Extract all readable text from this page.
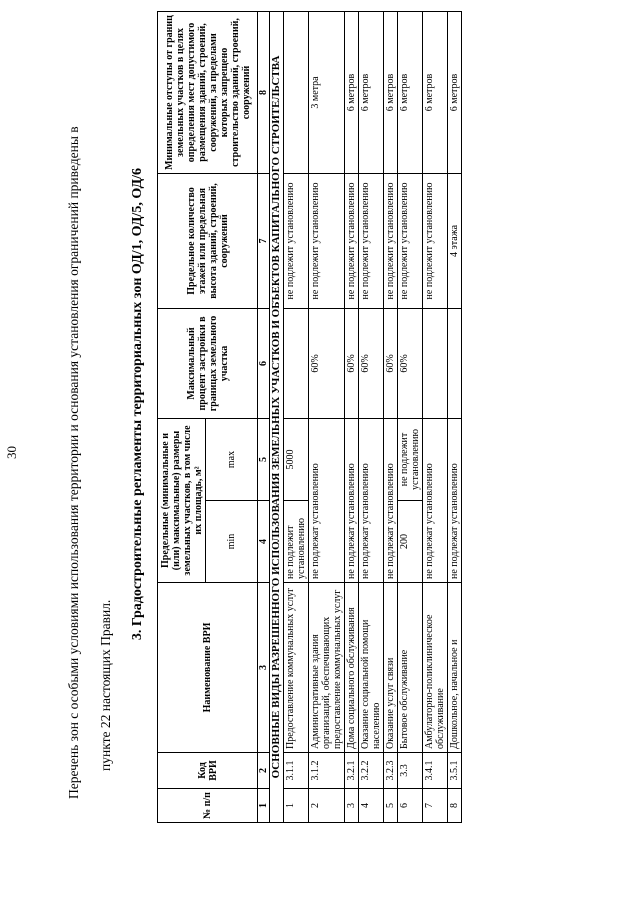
30	Перечень зон с особыми условиями использования территории и основания установления ограничений приведены в	пункте 22 настоящих Правил.
3. Градостроительные регламенты территориальных зон ОД/1, ОД/5, ОД/6
№ п/п	Код ВРИ	Наименование ВРИ	Предельные (минимальные и (или) максимальные) размеры земельных участков, в том числе их площадь, м²		Максимальный процент застройки в границах земельного участка	Предельное количество этажей или предельная высота зданий, строений, сооружений	Минимальные отступы от границ земельных участков в целях определения мест допустимого размещения зданий, строений, сооружений, за пределами которых запрещено строительство зданий, строений, сооружений
			min	max			
1	2	3	4	5	6	7	8
ОСНОВНЫЕ ВИДЫ РАЗРЕШЕННОГО ИСПОЛЬЗОВАНИЯ ЗЕМЕЛЬНЫХ УЧАСТКОВ И ОБЪЕКТОВ КАПИТАЛЬНОГО СТРОИТЕЛЬСТВА							
1	3.1.1	Предоставление коммунальных услуг	не подлежит установлению	5000		не подлежит установлению	
2	3.1.2	Административные здания организаций, обеспечивающих предоставление коммунальных услуг	не подлежат установлению		60%	не подлежит установлению	3 метра
3	3.2.1	Дома социального обслуживания	не подлежат установлению		60%	не подлежит установлению	6 метров
4	3.2.2	Оказание социальной помощи населению	не подлежат установлению		60%	не подлежит установлению	6 метров
5	3.2.3	Оказание услуг связи	не подлежат установлению		60%	не подлежит установлению	6 метров
6	3.3	Бытовое обслуживание	200	не подлежит установлению	60%	не подлежит установлению	6 метров
7	3.4.1	Амбулаторно-поликлиническое обслуживание	не подлежат установлению			не подлежит установлению	6 метров
8	3.5.1	Дошкольное, начальное и	не подлежат установлению			4 этажа	6 метров
